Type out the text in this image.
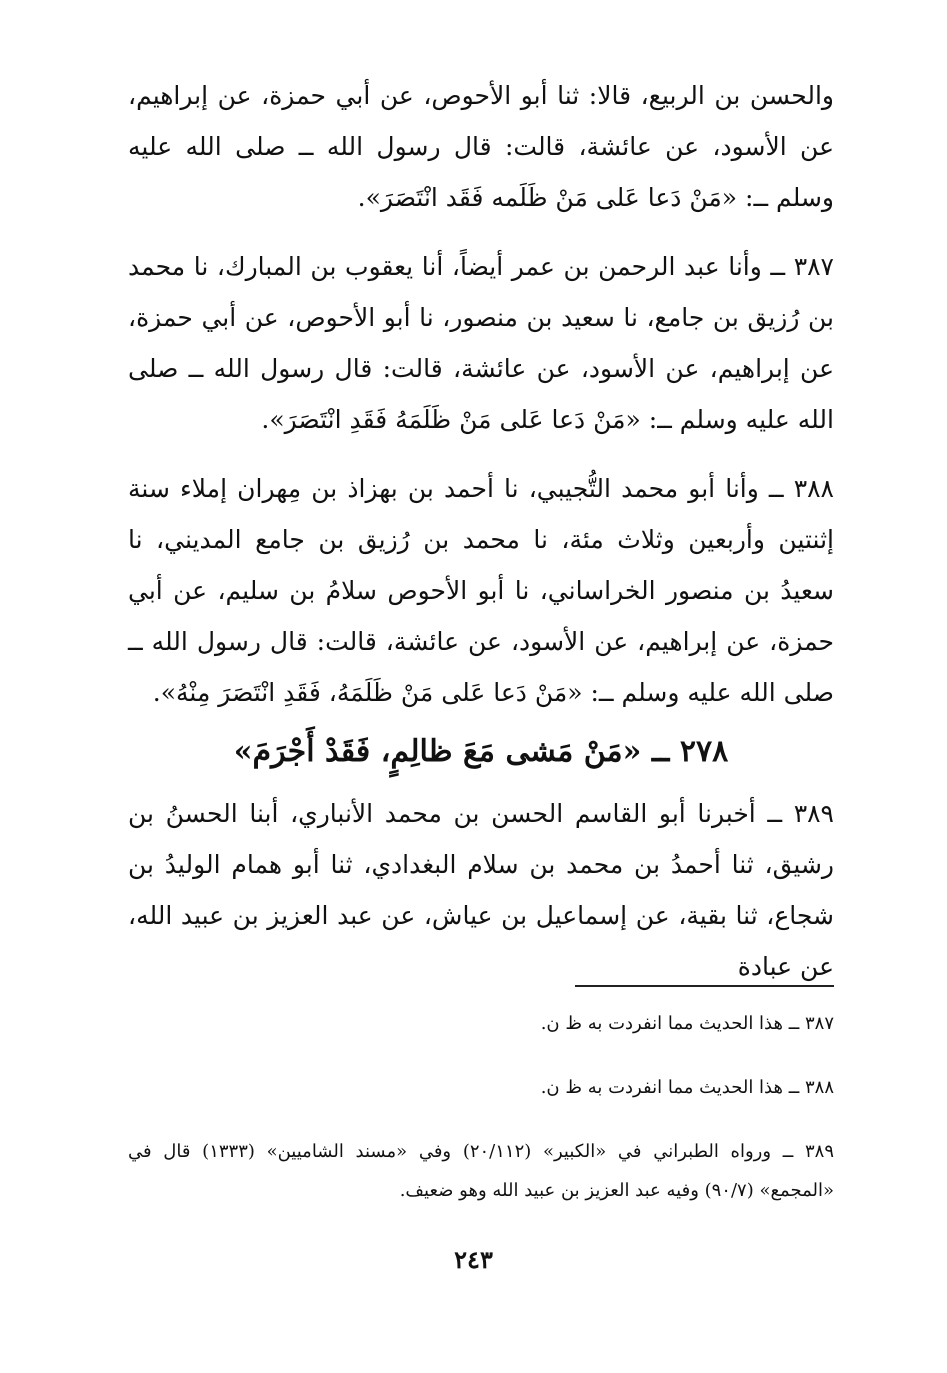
والحسن بن الربيع، قالا: ثنا أبو الأحوص، عن أبي حمزة، عن إبراهيم، عن الأسود، عن عائشة، قالت: قال رسول الله ــ صلى الله عليه وسلم ــ: «مَنْ دَعا عَلى مَنْ ظَلَمه فَقَد انْتَصَرَ».

٣٨٧ ــ وأنا عبد الرحمن بن عمر أيضاً، أنا يعقوب بن المبارك، نا محمد بن رُزيق بن جامع، نا سعيد بن منصور، نا أبو الأحوص، عن أبي حمزة، عن إبراهيم، عن الأسود، عن عائشة، قالت: قال رسول الله ــ صلى الله عليه وسلم ــ: «مَنْ دَعا عَلى مَنْ ظَلَمَهُ فَقَدِ انْتَصَرَ».

٣٨٨ ــ وأنا أبو محمد التُّجيبي، نا أحمد بن بهزاذ بن مِهران إملاء سنة إثنتين وأربعين وثلاث مئة، نا محمد بن رُزيق بن جامع المديني، نا سعيدُ بن منصور الخراساني، نا أبو الأحوص سلامُ بن سليم، عن أبي حمزة، عن إبراهيم، عن الأسود، عن عائشة، قالت: قال رسول الله ــ صلى الله عليه وسلم ــ: «مَنْ دَعا عَلى مَنْ ظَلَمَهُ، فَقَدِ انْتَصَرَ مِنْهُ».

٢٧٨ ــ «مَنْ مَشى مَعَ ظالِمٍ، فَقَدْ أَجْرَمَ»

٣٨٩ ــ أخبرنا أبو القاسم الحسن بن محمد الأنباري، أبنا الحسنُ بن رشيق، ثنا أحمدُ بن محمد بن سلام البغدادي، ثنا أبو همام الوليدُ بن شجاع، ثنا بقية، عن إسماعيل بن عياش، عن عبد العزيز بن عبيد الله، عن عبادة

٣٨٧ ــ هذا الحديث مما انفردت به ظ ن.

٣٨٨ ــ هذا الحديث مما انفردت به ظ ن.

٣٨٩ ــ ورواه الطبراني في «الكبير» (٢٠/١١٢) وفي «مسند الشاميين» (١٣٣٣) قال في «المجمع» (٩٠/٧) وفيه عبد العزيز بن عبيد الله وهو ضعيف.

٢٤٣
